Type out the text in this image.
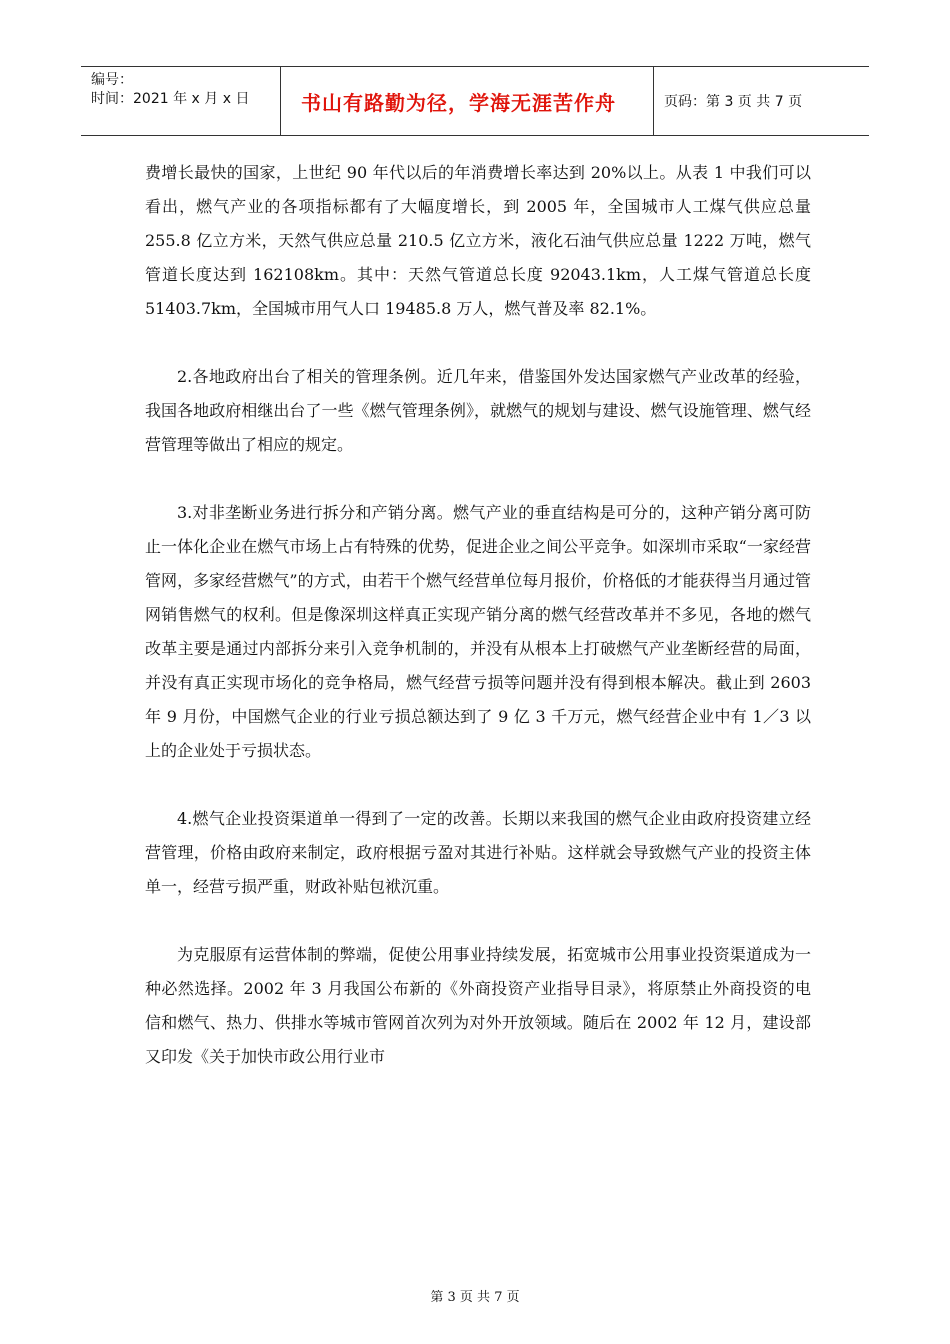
编号：
时间：2021 年 x 月 x 日	书山有路勤为径，学海无涯苦作舟	页码：第 3 页 共 7 页

费增长最快的国家，上世纪 90 年代以后的年消费增长率达到 20%以上。从表 1 中我们可以看出，燃气产业的各项指标都有了大幅度增长，到 2005 年，全国城市人工煤气供应总量 255.8 亿立方米，天然气供应总量 210.5 亿立方米，液化石油气供应总量 1222 万吨，燃气管道长度达到 162108km。其中：天然气管道总长度 92043.1km，人工煤气管道总长度 51403.7km，全国城市用气人口 19485.8 万人，燃气普及率 82.1%。

2.各地政府出台了相关的管理条例。近几年来，借鉴国外发达国家燃气产业改革的经验，我国各地政府相继出台了一些《燃气管理条例》，就燃气的规划与建设、燃气设施管理、燃气经营管理等做出了相应的规定。

3.对非垄断业务进行拆分和产销分离。燃气产业的垂直结构是可分的，这种产销分离可防止一体化企业在燃气市场上占有特殊的优势，促进企业之间公平竞争。如深圳市采取“一家经营管网，多家经营燃气”的方式，由若干个燃气经营单位每月报价，价格低的才能获得当月通过管网销售燃气的权利。但是像深圳这样真正实现产销分离的燃气经营改革并不多见，各地的燃气改革主要是通过内部拆分来引入竞争机制的，并没有从根本上打破燃气产业垄断经营的局面，并没有真正实现市场化的竞争格局，燃气经营亏损等问题并没有得到根本解决。截止到 2603 年 9 月份，中国燃气企业的行业亏损总额达到了 9 亿 3 千万元，燃气经营企业中有 1／3 以上的企业处于亏损状态。

4.燃气企业投资渠道单一得到了一定的改善。长期以来我国的燃气企业由政府投资建立经营管理，价格由政府来制定，政府根据亏盈对其进行补贴。这样就会导致燃气产业的投资主体单一，经营亏损严重，财政补贴包袱沉重。

为克服原有运营体制的弊端，促使公用事业持续发展，拓宽城市公用事业投资渠道成为一种必然选择。2002 年 3 月我国公布新的《外商投资产业指导目录》，将原禁止外商投资的电信和燃气、热力、供排水等城市管网首次列为对外开放领域。随后在 2002 年 12 月，建设部又印发《关于加快市政公用行业市

第 3 页 共 7 页
